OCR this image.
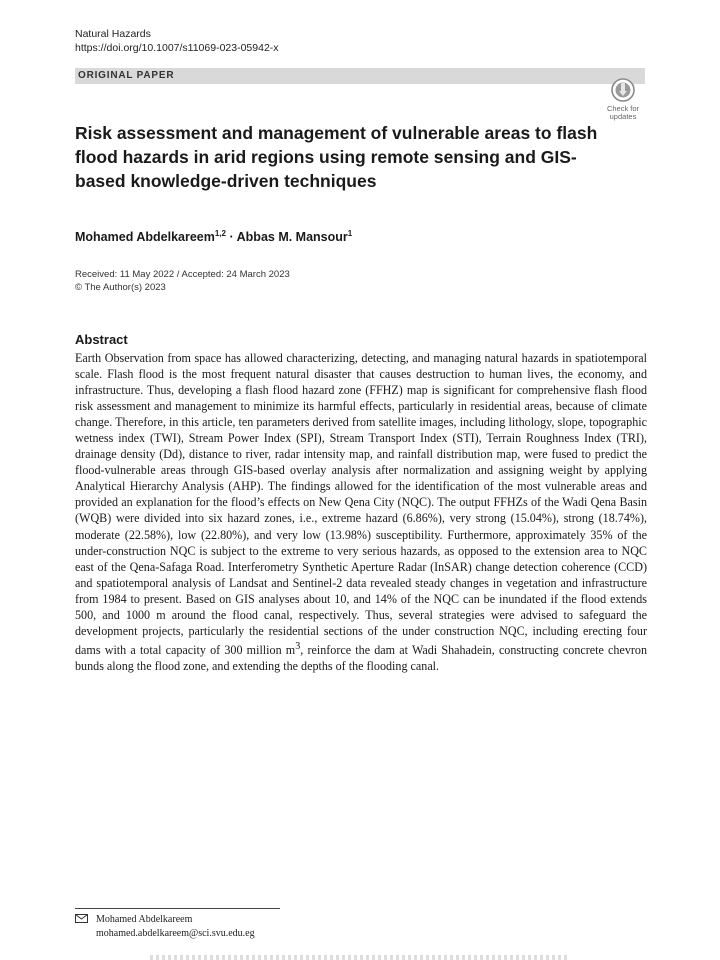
Natural Hazards
https://doi.org/10.1007/s11069-023-05942-x
ORIGINAL PAPER
Check for
updates
Risk assessment and management of vulnerable areas to flash flood hazards in arid regions using remote sensing and GIS-based knowledge-driven techniques
Mohamed Abdelkareem$^{1,2}$ · Abbas M. Mansour$^1$
Received: 11 May 2022 / Accepted: 24 March 2023
© The Author(s) 2023
Abstract

Earth Observation from space has allowed characterizing, detecting, and managing natural hazards in spatiotemporal scale. Flash flood is the most frequent natural disaster that causes destruction to human lives, the economy, and infrastructure. Thus, developing a flash flood hazard zone (FFHZ) map is significant for comprehensive flash flood risk assessment and management to minimize its harmful effects, particularly in residential areas, because of climate change. Therefore, in this article, ten parameters derived from satellite images, including lithology, slope, topographic wetness index (TWI), Stream Power Index (SPI), Stream Transport Index (STI), Terrain Roughness Index (TRI), drainage density (Dd), distance to river, radar intensity map, and rainfall distribution map, were fused to predict the flood-vulnerable areas through GIS-based overlay analysis after normalization and assigning weight by applying Analytical Hierarchy Analysis (AHP). The findings allowed for the identification of the most vulnerable areas and provided an explanation for the flood’s effects on New Qena City (NQC). The output FFHZs of the Wadi Qena Basin (WQB) were divided into six hazard zones, i.e., extreme hazard (6.86%), very strong (15.04%), strong (18.74%), moderate (22.58%), low (22.80%), and very low (13.98%) susceptibility. Furthermore, approximately 35% of the under-construction NQC is subject to the extreme to very serious hazards, as opposed to the extension area to NQC east of the Qena-Safaga Road. Interferometry Synthetic Aperture Radar (InSAR) change detection coherence (CCD) and spatiotemporal analysis of Landsat and Sentinel-2 data revealed steady changes in vegetation and infrastructure from 1984 to present. Based on GIS analyses about 10, and 14% of the NQC can be inundated if the flood extends 500, and 1000 m around the flood canal, respectively. Thus, several strategies were advised to safeguard the development projects, particularly the residential sections of the under construction NQC, including erecting four dams with a total capacity of 300 million $m^3$, reinforce the dam at Wadi Shahadein, constructing concrete chevron bunds along the flood zone, and extending the depths of the flooding canal.

Mohamed Abdelkareem
mohamed.abdelkareem@sci.svu.edu.eg
